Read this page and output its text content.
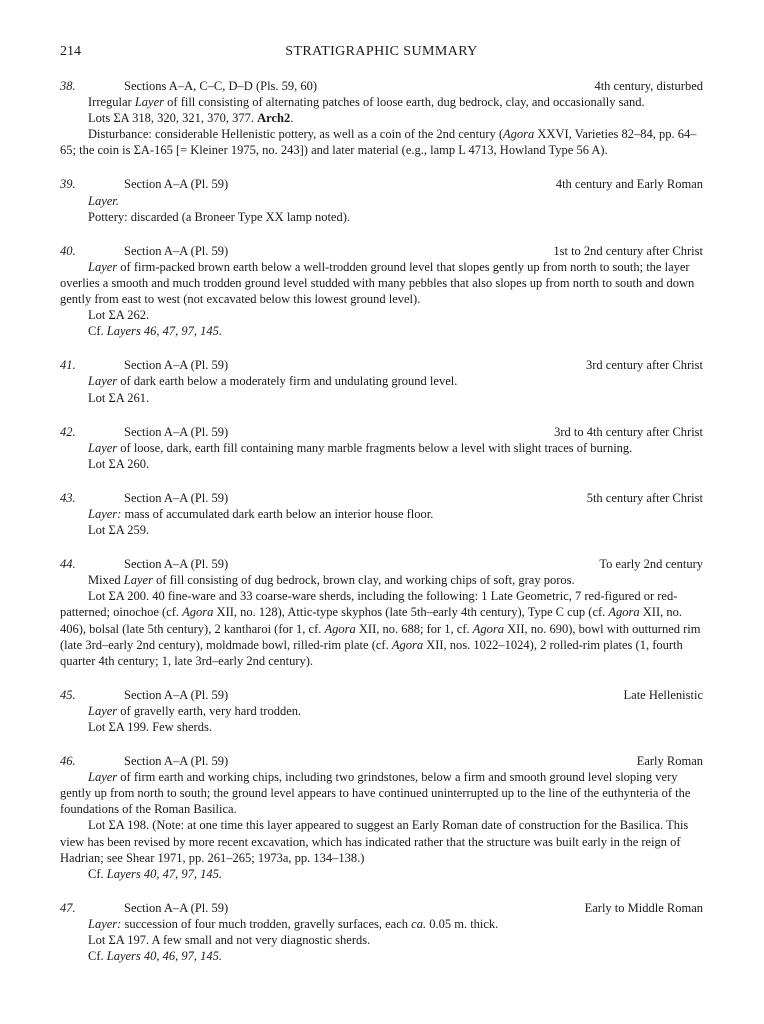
214	STRATIGRAPHIC SUMMARY
38.	Sections A–A, C–C, D–D (Pls. 59, 60)	4th century, disturbed

Irregular Layer of fill consisting of alternating patches of loose earth, dug bedrock, clay, and occasionally sand.

Lots ΣA 318, 320, 321, 370, 377. Arch2.

Disturbance: considerable Hellenistic pottery, as well as a coin of the 2nd century (Agora XXVI, Varieties 82–84, pp. 64–65; the coin is ΣA-165 [= Kleiner 1975, no. 243]) and later material (e.g., lamp L 4713, Howland Type 56 A).

39.	Section A–A (Pl. 59)	4th century and Early Roman

Layer.

Pottery: discarded (a Broneer Type XX lamp noted).

40.	Section A–A (Pl. 59)	1st to 2nd century after Christ

Layer of firm-packed brown earth below a well-trodden ground level that slopes gently up from north to south; the layer overlies a smooth and much trodden ground level studded with many pebbles that also slopes up from north to south and down gently from east to west (not excavated below this lowest ground level).

Lot ΣA 262.

Cf. Layers 46, 47, 97, 145.

41.	Section A–A (Pl. 59)	3rd century after Christ

Layer of dark earth below a moderately firm and undulating ground level.

Lot ΣA 261.

42.	Section A–A (Pl. 59)	3rd to 4th century after Christ

Layer of loose, dark, earth fill containing many marble fragments below a level with slight traces of burning.

Lot ΣA 260.

43.	Section A–A (Pl. 59)	5th century after Christ

Layer: mass of accumulated dark earth below an interior house floor.

Lot ΣA 259.

44.	Section A–A (Pl. 59)	To early 2nd century

Mixed Layer of fill consisting of dug bedrock, brown clay, and working chips of soft, gray poros.

Lot ΣA 200. 40 fine-ware and 33 coarse-ware sherds, including the following: 1 Late Geometric, 7 red-figured or red-patterned; oinochoe (cf. Agora XII, no. 128), Attic-type skyphos (late 5th–early 4th century), Type C cup (cf. Agora XII, no. 406), bolsal (late 5th century), 2 kantharoi (for 1, cf. Agora XII, no. 688; for 1, cf. Agora XII, no. 690), bowl with outturned rim (late 3rd–early 2nd century), moldmade bowl, rilled-rim plate (cf. Agora XII, nos. 1022–1024), 2 rolled-rim plates (1, fourth quarter 4th century; 1, late 3rd–early 2nd century).

45.	Section A–A (Pl. 59)	Late Hellenistic

Layer of gravelly earth, very hard trodden.

Lot ΣA 199. Few sherds.

46.	Section A–A (Pl. 59)	Early Roman

Layer of firm earth and working chips, including two grindstones, below a firm and smooth ground level sloping very gently up from north to south; the ground level appears to have continued uninterrupted up to the line of the euthynteria of the foundations of the Roman Basilica.

Lot ΣA 198. (Note: at one time this layer appeared to suggest an Early Roman date of construction for the Basilica. This view has been revised by more recent excavation, which has indicated rather that the structure was built early in the reign of Hadrian; see Shear 1971, pp. 261–265; 1973a, pp. 134–138.)

Cf. Layers 40, 47, 97, 145.

47.	Section A–A (Pl. 59)	Early to Middle Roman

Layer: succession of four much trodden, gravelly surfaces, each ca. 0.05 m. thick.

Lot ΣA 197. A few small and not very diagnostic sherds.

Cf. Layers 40, 46, 97, 145.
